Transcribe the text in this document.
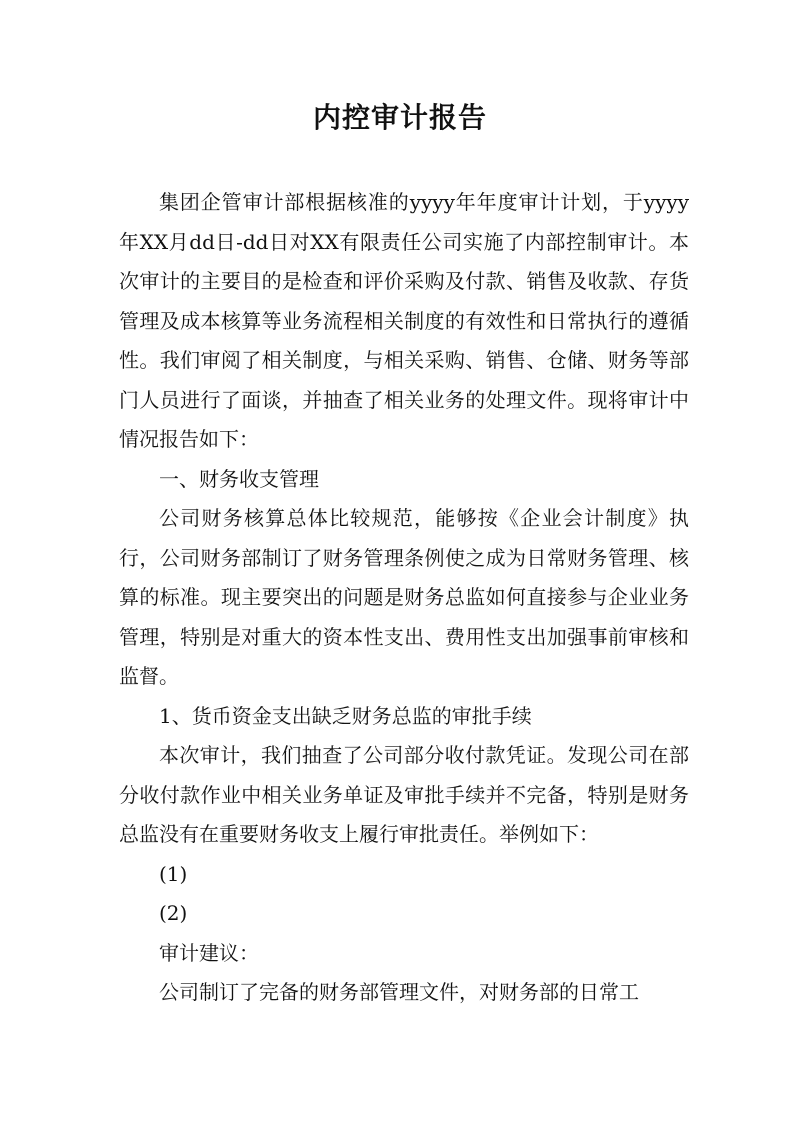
内控审计报告

集团企管审计部根据核准的yyyy年年度审计计划，于yyyy年XX月dd日-dd日对XX有限责任公司实施了内部控制审计。本次审计的主要目的是检查和评价采购及付款、销售及收款、存货管理及成本核算等业务流程相关制度的有效性和日常执行的遵循性。我们审阅了相关制度，与相关采购、销售、仓储、财务等部门人员进行了面谈，并抽查了相关业务的处理文件。现将审计中情况报告如下：

一、财务收支管理

公司财务核算总体比较规范，能够按《企业会计制度》执行，公司财务部制订了财务管理条例使之成为日常财务管理、核算的标准。现主要突出的问题是财务总监如何直接参与企业业务管理，特别是对重大的资本性支出、费用性支出加强事前审核和监督。

1、货币资金支出缺乏财务总监的审批手续

本次审计，我们抽查了公司部分收付款凭证。发现公司在部分收付款作业中相关业务单证及审批手续并不完备，特别是财务总监没有在重要财务收支上履行审批责任。举例如下：

(1)

(2)

审计建议：

公司制订了完备的财务部管理文件，对财务部的日常工
